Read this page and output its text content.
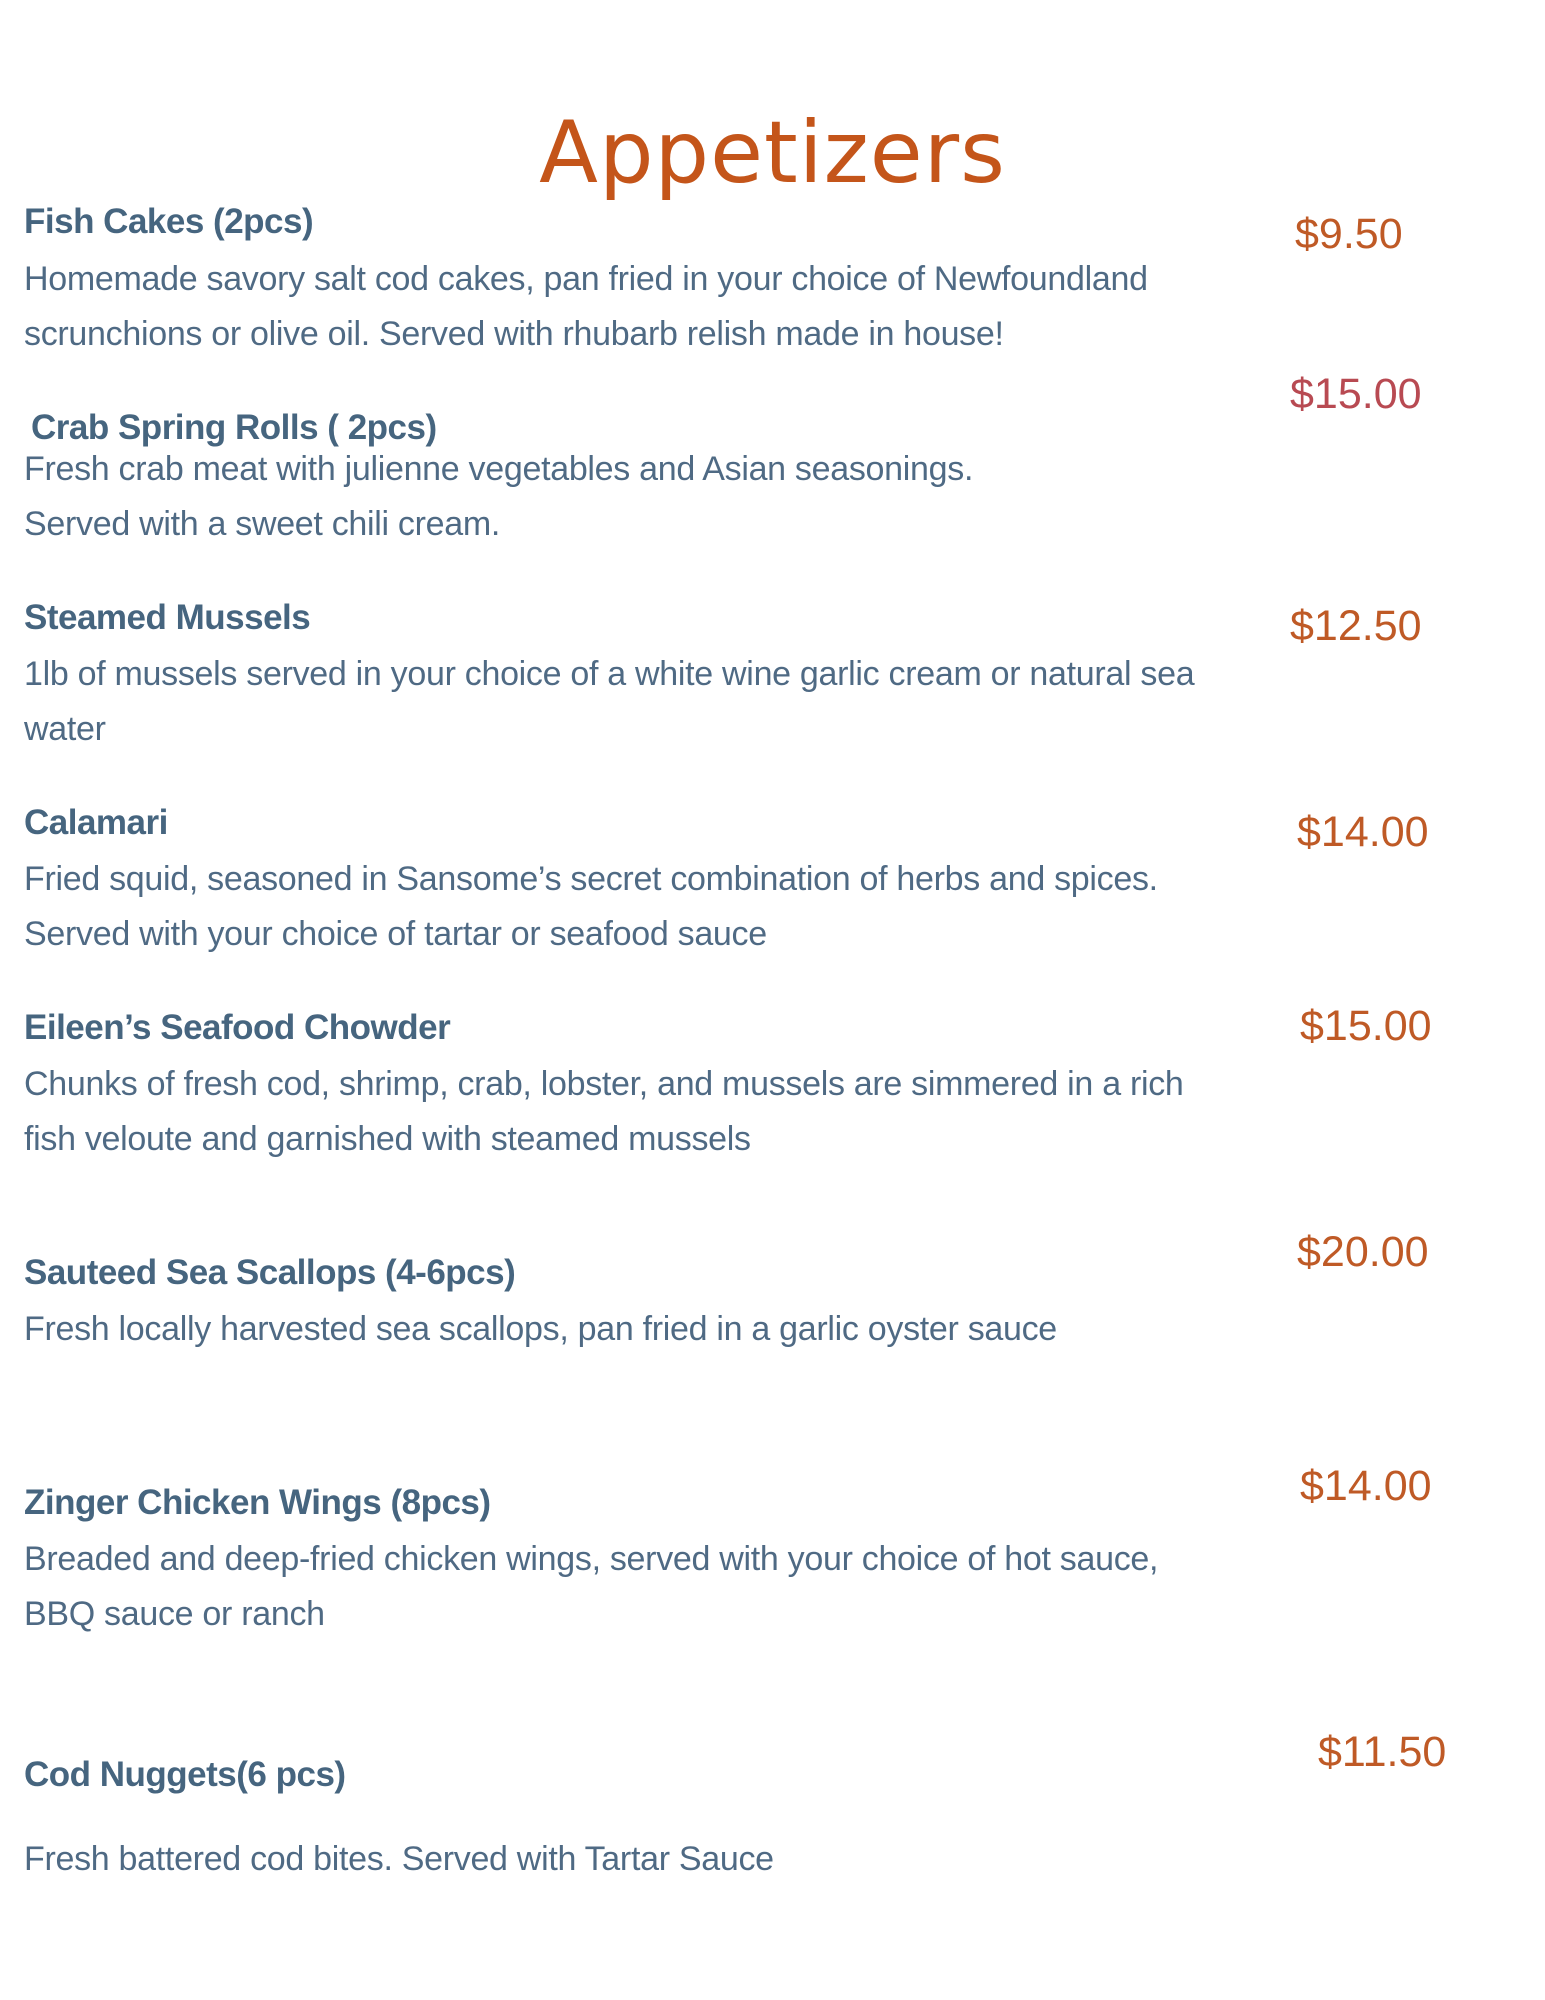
Appetizers
Fish Cakes (2pcs)
Homemade savory salt cod cakes, pan fried in your choice of Newfoundland
scrunchions or olive oil. Served with rhubarb relish made in house!
$9.50
Crab Spring Rolls ( 2pcs)
Fresh crab meat with julienne vegetables and Asian seasonings.
Served with a sweet chili cream.
$15.00
Steamed Mussels
1lb of mussels served in your choice of a white wine garlic cream or natural sea
water
$12.50
Calamari
Fried squid, seasoned in Sansome’s secret combination of herbs and spices.
Served with your choice of tartar or seafood sauce
$14.00
Eileen’s Seafood Chowder
Chunks of fresh cod, shrimp, crab, lobster, and mussels are simmered in a rich
fish veloute and garnished with steamed mussels
$15.00
Sauteed Sea Scallops (4-6pcs)
Fresh locally harvested sea scallops, pan fried in a garlic oyster sauce
$20.00
Zinger Chicken Wings (8pcs)
Breaded and deep-fried chicken wings, served with your choice of hot sauce,
BBQ sauce or ranch
$14.00
Cod Nuggets(6 pcs)
Fresh battered cod bites. Served with Tartar Sauce
$11.50
